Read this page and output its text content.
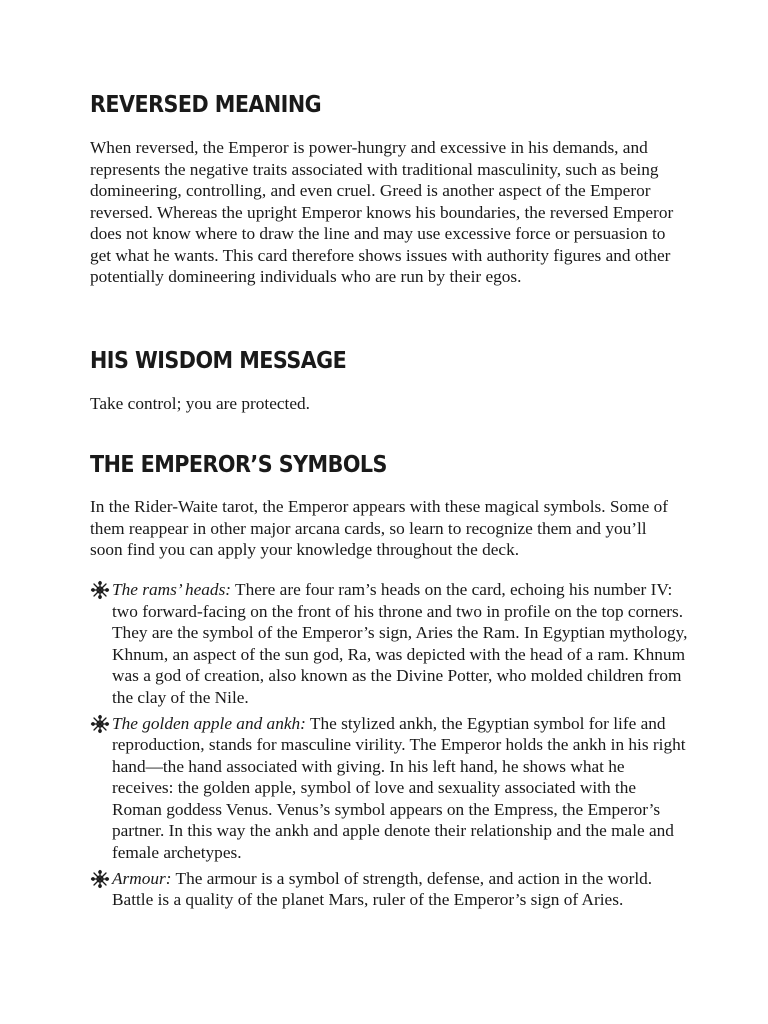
REVERSED MEANING

When reversed, the Emperor is power-hungry and excessive in his demands, and represents the negative traits associated with traditional masculinity, such as being domineering, controlling, and even cruel. Greed is another aspect of the Emperor reversed. Whereas the upright Emperor knows his boundaries, the reversed Emperor does not know where to draw the line and may use excessive force or persuasion to get what he wants. This card therefore shows issues with authority figures and other potentially domineering individuals who are run by their egos.

HIS WISDOM MESSAGE

Take control; you are protected.

THE EMPEROR’S SYMBOLS

In the Rider-Waite tarot, the Emperor appears with these magical symbols. Some of them reappear in other major arcana cards, so learn to recognize them and you’ll soon find you can apply your knowledge throughout the deck.

The rams’ heads: There are four ram’s heads on the card, echoing his number IV: two forward-facing on the front of his throne and two in profile on the top corners. They are the symbol of the Emperor’s sign, Aries the Ram. In Egyptian mythology, Khnum, an aspect of the sun god, Ra, was depicted with the head of a ram. Khnum was a god of creation, also known as the Divine Potter, who molded children from the clay of the Nile.
The golden apple and ankh: The stylized ankh, the Egyptian symbol for life and reproduction, stands for masculine virility. The Emperor holds the ankh in his right hand—the hand associated with giving. In his left hand, he shows what he receives: the golden apple, symbol of love and sexuality associated with the Roman goddess Venus. Venus’s symbol appears on the Empress, the Emperor’s partner. In this way the ankh and apple denote their relationship and the male and female archetypes.
Armour: The armour is a symbol of strength, defense, and action in the world. Battle is a quality of the planet Mars, ruler of the Emperor’s sign of Aries.
